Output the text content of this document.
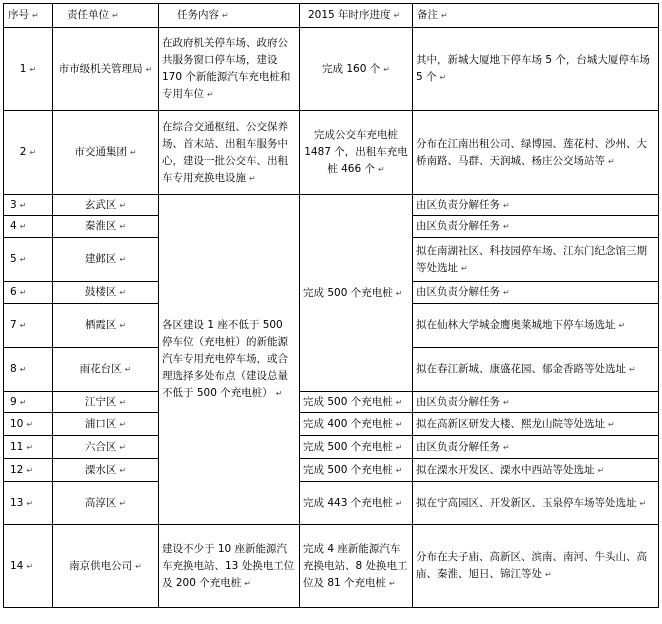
序号 ↵	责任单位 ↵	任务内容 ↵	2015 年时序进度 ↵	备注 ↵
1 ↵	市市级机关管理局 ↵	在政府机关停车场、政府公共服务窗口停车场，建设 170 个新能源汽车充电桩和专用车位 ↵	完成 160 个 ↵	其中，新城大厦地下停车场 5 个，台城大厦停车场 5 个 ↵
2 ↵	市交通集团 ↵	在综合交通枢纽、公交保养场、首末站、出租车服务中心，建设一批公交车、出租车专用充换电设施 ↵	完成公交车充电桩 1487 个，出租车充电桩 466 个 ↵	分布在江南出租公司、绿博园、莲花村、沙州、大桥南路、马群、天润城、杨庄公交场站等 ↵
3 ↵	玄武区 ↵	各区建设 1 座不低于 500 停车位（充电桩）的新能源汽车专用充电停车场，或合理选择多处布点（建设总量不低于 500 个充电桩） ↵	完成 500 个充电桩 ↵	由区负责分解任务 ↵
4 ↵	秦淮区 ↵			由区负责分解任务 ↵
5 ↵	建邺区 ↵			拟在南湖社区、科技园停车场、江东门纪念馆三期等处选址 ↵
6 ↵	鼓楼区 ↵			由区负责分解任务 ↵
7 ↵	栖霞区 ↵			拟在仙林大学城金鹰奥莱城地下停车场选址 ↵
8 ↵	雨花台区 ↵			拟在春江新城、康盛花园、郁金香路等处选址 ↵
9 ↵	江宁区 ↵		完成 500 个充电桩 ↵	由区负责分解任务 ↵
10 ↵	浦口区 ↵		完成 400 个充电桩 ↵	拟在高新区研发大楼、熙龙山院等处选址 ↵
11 ↵	六合区 ↵		完成 500 个充电桩 ↵	由区负责分解任务 ↵
12 ↵	溧水区 ↵		完成 500 个充电桩 ↵	拟在溧水开发区、溧水中西站等处选址 ↵
13 ↵	高淳区 ↵		完成 443 个充电桩 ↵	拟在宁高园区、开发新区、玉泉停车场等处选址 ↵
14 ↵	南京供电公司 ↵	建设不少于 10 座新能源汽车充换电站、13 处换电工位及 200 个充电桩 ↵	完成 4 座新能源汽车充换电站、8 处换电工位及 81 个充电桩 ↵	分布在夫子庙、高新区、滨南、南河、牛头山、高庙、秦淮、旭日、锦江等处 ↵
